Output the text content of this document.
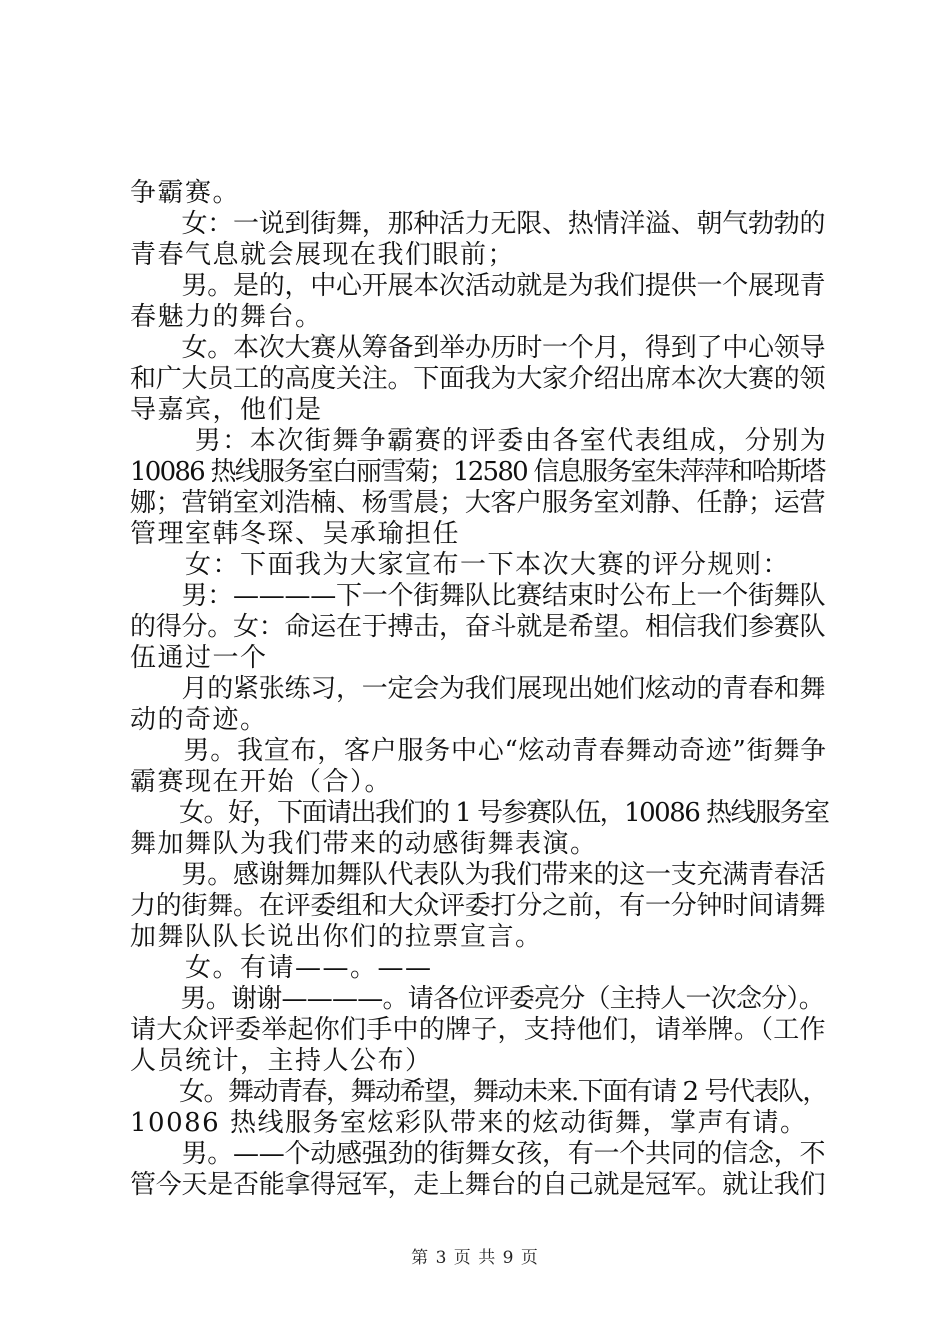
争霸赛。
　　女：一说到街舞，那种活力无限、热情洋溢、朝气勃勃的
青春气息就会展现在我们眼前；
　　男。是的，中心开展本次活动就是为我们提供一个展现青
春魅力的舞台。
　　女。本次大赛从筹备到举办历时一个月，得到了中心领导
和广大员工的高度关注。下面我为大家介绍出席本次大赛的领
导嘉宾，他们是
　　 男：本次街舞争霸赛的评委由各室代表组成，分别为
10086 热线服务室白丽雪菊；12580 信息服务室朱萍萍和哈斯塔
娜；营销室刘浩楠、杨雪晨；大客户服务室刘静、任静；运营
管理室韩冬琛、吴承瑜担任
　　女：下面我为大家宣布一下本次大赛的评分规则：
　　男：————下一个街舞队比赛结束时公布上一个街舞队
的得分。女：命运在于搏击，奋斗就是希望。相信我们参赛队
伍通过一个
　　月的紧张练习，一定会为我们展现出她们炫动的青春和舞
动的奇迹。
　　男。我宣布，客户服务中心“炫动青春舞动奇迹”街舞争
霸赛现在开始（合）。
　　女。好，下面请出我们的 1 号参赛队伍，10086 热线服务室
舞加舞队为我们带来的动感街舞表演。
　　男。感谢舞加舞队代表队为我们带来的这一支充满青春活
力的街舞。在评委组和大众评委打分之前，有一分钟时间请舞
加舞队队长说出你们的拉票宣言。
　　女。有请——。——
　　男。谢谢————。请各位评委亮分（主持人一次念分）。
请大众评委举起你们手中的牌子，支持他们，请举牌。（工作
人员统计，主持人公布）
　　女。舞动青春，舞动希望，舞动未来.下面有请 2 号代表队，
10086 热线服务室炫彩队带来的炫动街舞，掌声有请。
　　男。——个动感强劲的街舞女孩，有一个共同的信念，不
管今天是否能拿得冠军，走上舞台的自己就是冠军。就让我们
第 3 页 共 9 页
